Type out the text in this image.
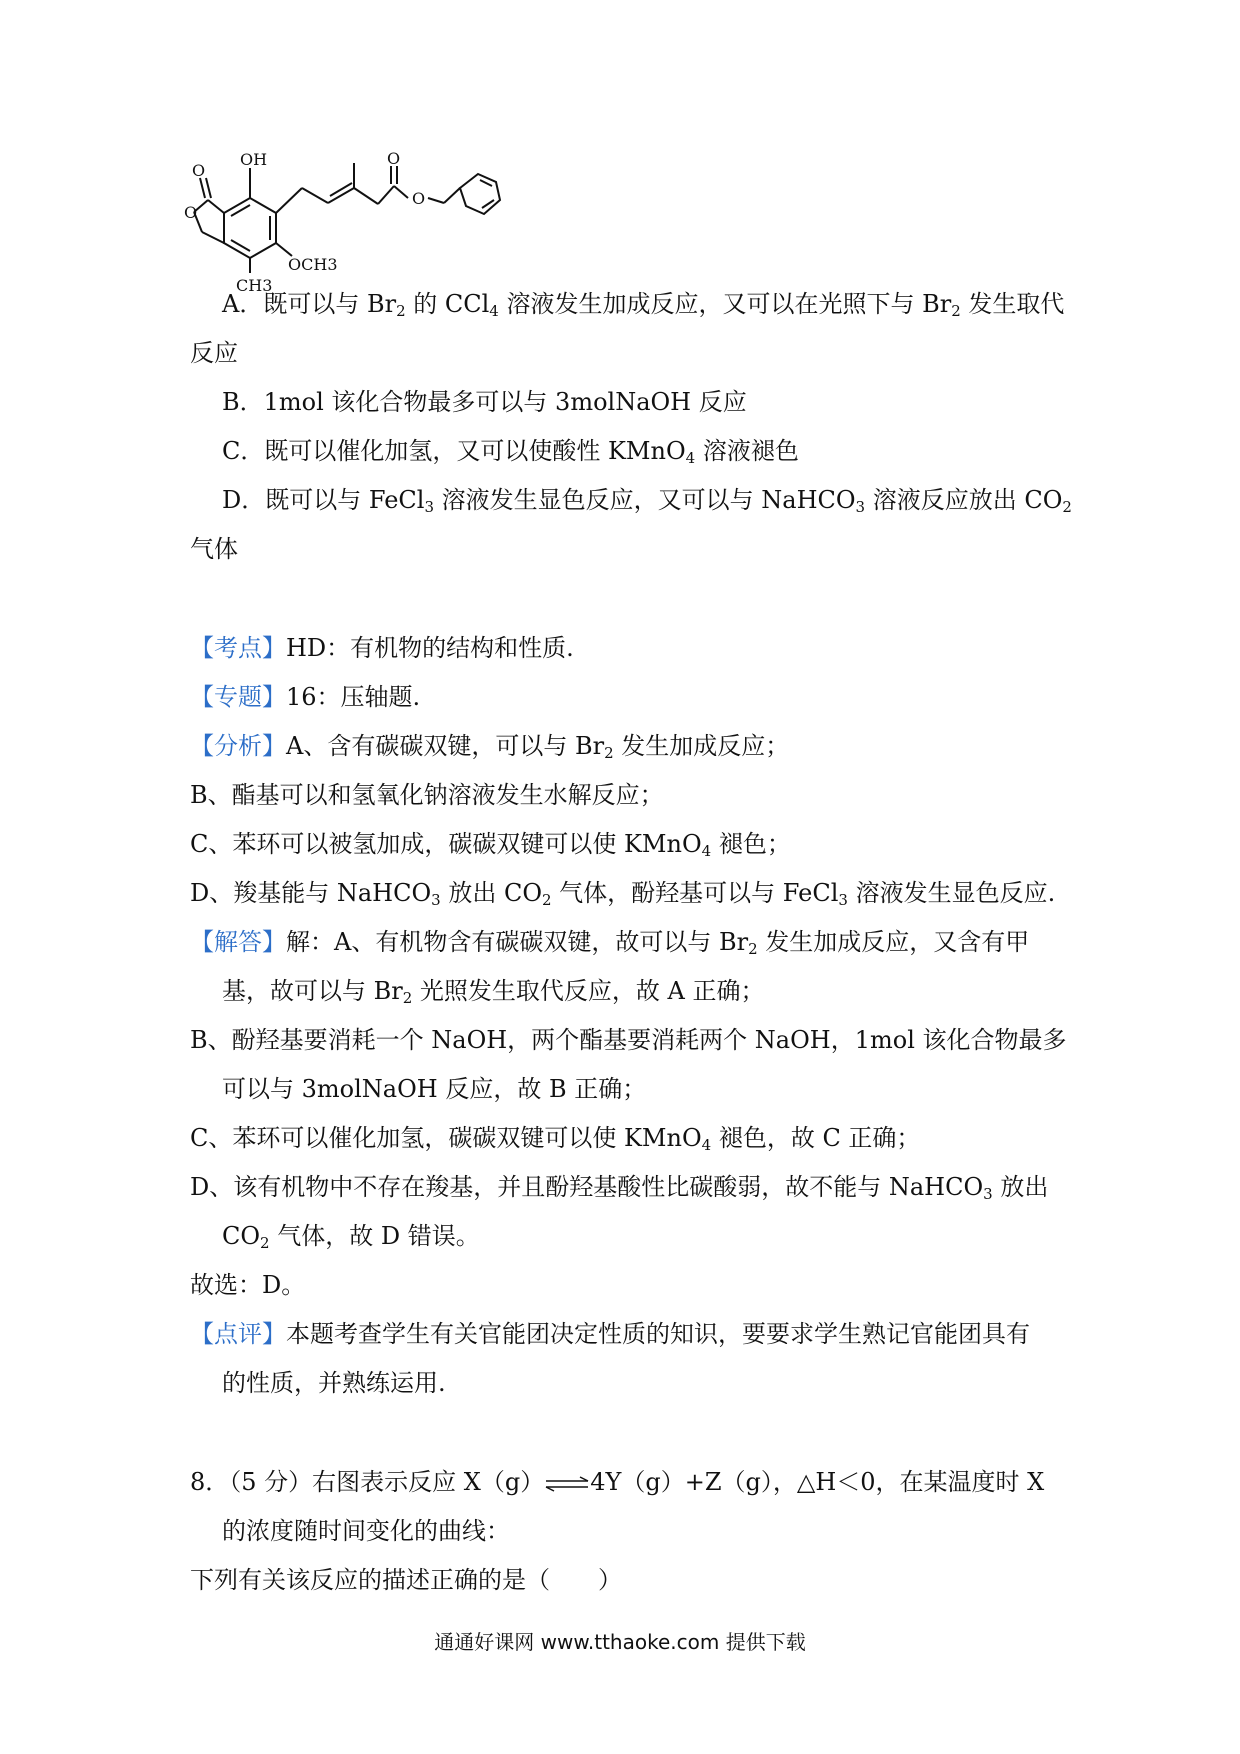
OH
OCH3
CH3
O
O
O
O
A．既可以与 $Br_2$ 的 CCl$_4$ 溶液发生加成反应，又可以在光照下与 $Br_2$ 发生取代
反应
B．1mol 该化合物最多可以与 3molNaOH 反应
C．既可以催化加氢，又可以使酸性 KMnO$_4$ 溶液褪色
D．既可以与 FeCl$_3$ 溶液发生显色反应，又可以与 NaHCO$_3$ 溶液反应放出 $CO_2$
气体
【考点】HD：有机物的结构和性质.
【专题】16：压轴题.
【分析】A、含有碳碳双键，可以与 $Br_2$ 发生加成反应；
B、酯基可以和氢氧化钠溶液发生水解反应；
C、苯环可以被氢加成，碳碳双键可以使 KMnO$_4$ 褪色；
D、羧基能与 NaHCO$_3$ 放出 $CO_2$ 气体，酚羟基可以与 FeCl$_3$ 溶液发生显色反应.
【解答】解：A、有机物含有碳碳双键，故可以与 $Br_2$ 发生加成反应，又含有甲
基，故可以与 $Br_2$ 光照发生取代反应，故 A 正确；
B、酚羟基要消耗一个 NaOH，两个酯基要消耗两个 NaOH，1mol 该化合物最多
可以与 3molNaOH 反应，故 B 正确；
C、苯环可以催化加氢，碳碳双键可以使 KMnO$_4$ 褪色，故 C 正确；
D、该有机物中不存在羧基，并且酚羟基酸性比碳酸弱，故不能与 NaHCO$_3$ 放出
$CO_2$ 气体，故 D 错误。
故选：D。
【点评】本题考查学生有关官能团决定性质的知识，要要求学生熟记官能团具有
的性质，并熟练运用.
8．（5 分）右图表示反应 X（g）⇌4Y（g）+Z（g），△H＜0，在某温度时 X
的浓度随时间变化的曲线：
下列有关该反应的描述正确的是（　　）
通通好课网 www.tthaoke.com 提供下载
